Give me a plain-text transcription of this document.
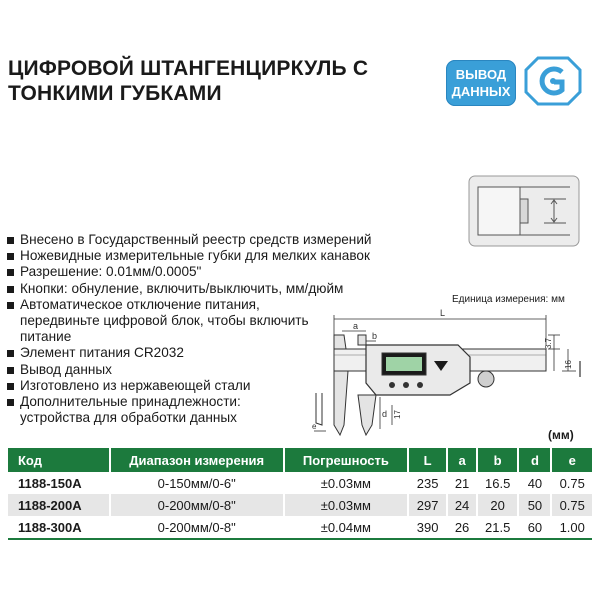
ЦИФРОВОЙ ШТАНГЕНЦИРКУЛЬ С ТОНКИМИ ГУБКАМИ
ВЫВОД
ДАННЫХ
Внесено в Государственный реестр средств измерений
Ножевидные измерительные губки для мелких канавок
Разрешение: 0.01мм/0.0005"
Кнопки: обнуление, включить/выключить, мм/дюйм
Автоматическое отключение питания, передвиньте цифровой блок, чтобы включить питание
Элемент питания CR2032
Вывод данных
Изготовлено из нержавеющей стали
Дополнительные принадлежности: устройства для обработки данных
Единица измерения: мм
L
a
b
d
3.7
16
17
e
(мм)
Код	Диапазон измерения	Погрешность	L	a	b	d	e
1188-150A	0-150мм/0-6"	±0.03мм	235	21	16.5	40	0.75
1188-200A	0-200мм/0-8"	±0.03мм	297	24	20	50	0.75
1188-300A	0-200мм/0-8"	±0.04мм	390	26	21.5	60	1.00
